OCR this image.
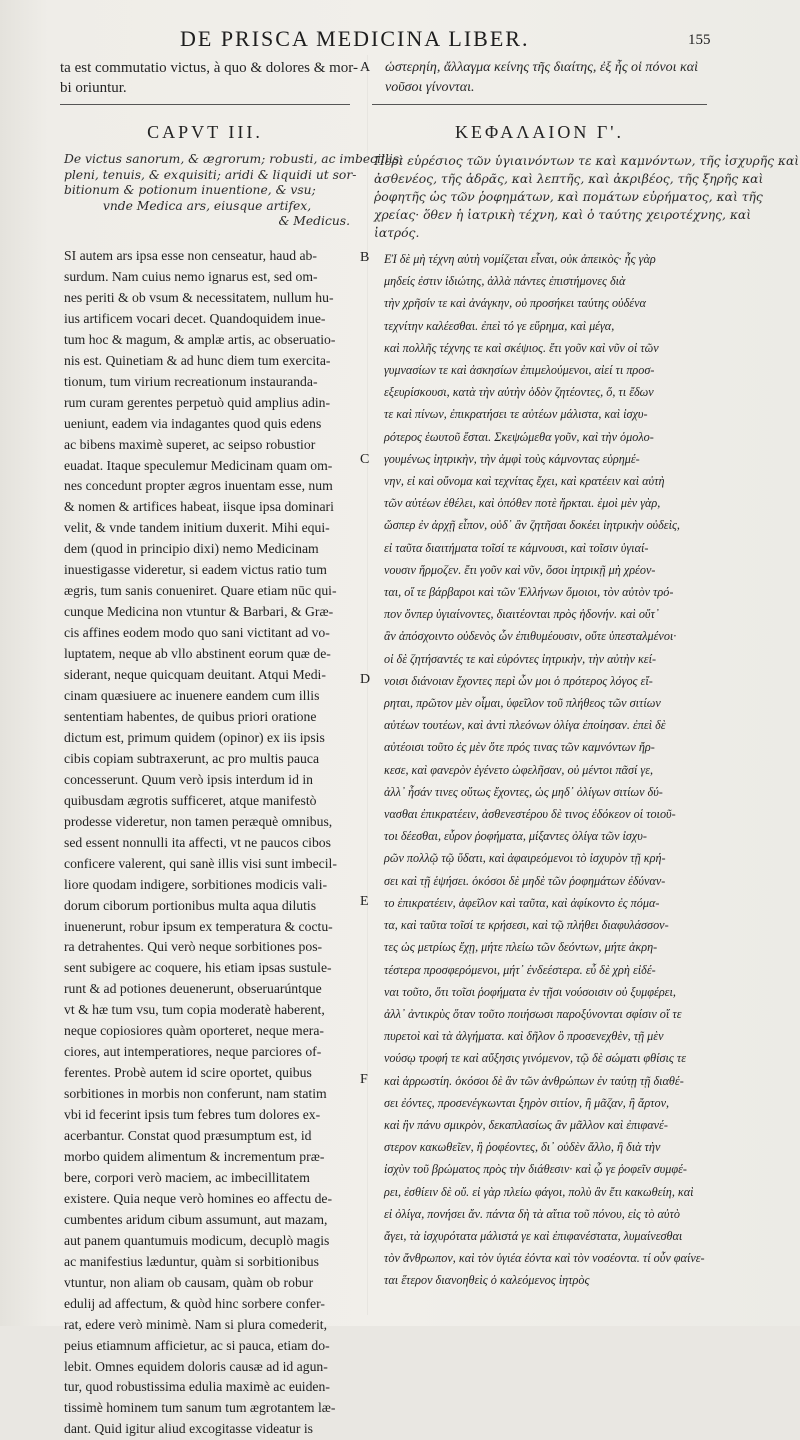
DE PRISCA MEDICINA LIBER.	155
ta est commutatio victus, à quo & dolores & mor-
bi oriuntur.
ὡστερηίη, ἄλλαγμα κείνης τῆς διαίτης, ἐξ ἧς οἱ πόνοι καὶ
νοῦσοι γίνονται.
A
CAPVT III.	ΚΕΦΑΛΑΙΟΝ Γ'.
De victus sanorum, & ægrorum; robusti, ac imbecillis;
pleni, tenuis, & exquisiti; aridi & liquidi ut sor-
bitionum & potionum inuentione, & vsu;
vnde Medica ars, eiusque artifex,
& Medicus.
Περὶ εὑρέσιος τῶν ὑγιαινόντων τε καὶ καμνόντων, τῆς ἰσχυρῆς καὶ
ἀσθενέος, τῆς ἁδρᾶς, καὶ λεπτῆς, καὶ ἀκριβέος, τῆς ξηρῆς καὶ
ῥοφητῆς ὡς τῶν ῥοφημάτων, καὶ πομάτων εὑρήματος, καὶ τῆς
χρείας· ὅθεν ἡ ἰατρικὴ τέχνη, καὶ ὁ ταύτης χειροτέχνης, καὶ
ἰατρός.
SI autem ars ipsa esse non censeatur, haud ab-
surdum. Nam cuius nemo ignarus est, sed om-
nes periti & ob vsum & necessitatem, nullum hu-
ius artificem vocari decet. Quandoquidem inue-
tum hoc & magum, & amplæ artis, ac obseruatio-
nis est. Quinetiam & ad hunc diem tum exercita-
tionum, tum virium recreationum instauranda-
rum curam gerentes perpetuò quid amplius adin-
ueniunt, eadem via indagantes quod quis edens
ac bibens maximè superet, ac seipso robustior
euadat. Itaque speculemur Medicinam quam om-
nes concedunt propter ægros inuentam esse, num
& nomen & artifices habeat, iisque ipsa dominari
velit, & vnde tandem initium duxerit. Mihi equi-
dem (quod in principio dixi) nemo Medicinam
inuestigasse videretur, si eadem victus ratio tum
ægris, tum sanis conueniret. Quare etiam nūc qui-
cunque Medicina non vtuntur & Barbari, & Græ-
cis affines eodem modo quo sani victitant ad vo-
luptatem, neque ab vllo abstinent eorum quæ de-
siderant, neque quicquam deuitant. Atqui Medi-
cinam quæsiuere ac inuenere eandem cum illis
sententiam habentes, de quibus priori oratione
dictum est, primum quidem (opinor) ex iis ipsis
cibis copiam subtraxerunt, ac pro multis pauca
concesserunt. Quum verò ipsis interdum id in
quibusdam ægrotis sufficeret, atque manifestò
prodesse videretur, non tamen peræquè omnibus,
sed essent nonnulli ita affecti, vt ne paucos cibos
conficere valerent, qui sanè illis visi sunt imbecil-
liore quodam indigere, sorbitiones modicis vali-
dorum ciborum portionibus multa aqua dilutis
inuenerunt, robur ipsum ex temperatura & coctu-
ra detrahentes. Qui verò neque sorbitiones pos-
sent subigere ac coquere, his etiam ipsas sustule-
runt & ad potiones deuenerunt, obseruarúntque
vt & hæ tum vsu, tum copia moderatè haberent,
neque copiosiores quàm oporteret, neque mera-
ciores, aut intemperatiores, neque parciores of-
ferentes. Probè autem id scire oportet, quibus
sorbitiones in morbis non conferunt, nam statim
vbi id fecerint ipsis tum febres tum dolores ex-
acerbantur. Constat quod præsumptum est, id
morbo quidem alimentum & incrementum præ-
bere, corpori verò maciem, ac imbecillitatem
existere. Quia neque verò homines eo affectu de-
cumbentes aridum cibum assumunt, aut mazam,
aut panem quantumuis modicum, decuplò magis
ac manifestius læduntur, quàm si sorbitionibus
vtuntur, non aliam ob causam, quàm ob robur
edulij ad affectum, & quòd hinc sorbere confer-
rat, edere verò minimè. Nam si plura comederit,
peius etiamnum afficietur, ac si pauca, etiam do-
lebit. Omnes equidem doloris causæ ad id agun-
tur, quod robustissima edulia maximè ac euiden-
tissimè hominem tum sanum tum ægrotantem læ-
dant. Quid igitur aliud excogitasse videatur is
ΕἸ δὲ μὴ τέχνη αὐτὴ νομίζεται εἶναι, οὐκ ἀπεικὸς· ἧς γὰρ
μηδείς ἐστιν ἰδιώτης, ἀλλὰ πάντες ἐπιστήμονες διὰ
τὴν χρῆσίν τε καὶ ἀνάγκην, οὐ προσήκει ταύτης οὐδένα
τεχνίτην καλέεσθαι. ἐπεὶ τό γε εὕρημα, καὶ μέγα,
καὶ πολλῆς τέχνης τε καὶ σκέψιος. ἔτι γοῦν καὶ νῦν οἱ τῶν
γυμνασίων τε καὶ ἀσκησίων ἐπιμελούμενοι, αἰεί τι προσ-
εξευρίσκουσι, κατὰ τὴν αὐτὴν ὁδὸν ζητέοντες, ὅ, τι ἔδων
τε καὶ πίνων, ἐπικρατήσει τε αὐτέων μάλιστα, καὶ ἰσχυ-
ρότερος ἑωυτοῦ ἔσται. Σκεψώμεθα γοῦν, καὶ τὴν ὁμολο-
γουμένως ἰητρικὴν, τὴν ἀμφὶ τοὺς κάμνοντας εὑρημέ-
νην, εἰ καὶ οὔνομα καὶ τεχνίτας ἔχει, καὶ κρατέειν καὶ αὐτὴ
τῶν αὐτέων ἐθέλει, καὶ ὁπόθεν ποτὲ ἤρκται. ἐμοὶ μὲν γὰρ,
ὥσπερ ἐν ἀρχῇ εἶπον, οὐδ᾽ ἂν ζητῆσαι δοκέει ἰητρικὴν οὐδεὶς,
εἰ ταῦτα διαιτήματα τοῖσί τε κάμνουσι, καὶ τοῖσιν ὑγιαί-
νουσιν ἥρμοζεν. ἔτι γοῦν καὶ νῦν, ὅσοι ἰητρικῇ μὴ χρέον-
ται, οἵ τε βάρβαροι καὶ τῶν Ἑλλήνων ὅμοιοι, τὸν αὐτὸν τρό-
πον ὅνπερ ὑγιαίνοντες, διαιτέονται πρὸς ἡδονήν. καὶ οὔτ᾽
ἂν ἀπόσχοιντο οὐδενὸς ὧν ἐπιθυμέουσιν, οὔτε ὑπεσταλμένοι·
οἱ δὲ ζητήσαντές τε καὶ εὑρόντες ἰητρικὴν, τὴν αὐτὴν κεί-
νοισι διάνοιαν ἔχοντες περὶ ὧν μοι ὁ πρότερος λόγος εἴ-
ρηται, πρῶτον μὲν οἶμαι, ὑφεῖλον τοῦ πλήθεος τῶν σιτίων
αὐτέων τουτέων, καὶ ἀντὶ πλεόνων ὀλίγα ἐποίησαν. ἐπεὶ δὲ
αὐτέοισι τοῦτο ἐς μὲν ὅτε πρός τινας τῶν καμνόντων ἤρ-
κεσε, καὶ φανερὸν ἐγένετο ὠφελῆσαν, οὐ μέντοι πᾶσί γε,
ἀλλ᾽ ἦσάν τινες οὕτως ἔχοντες, ὡς μηδ᾽ ὀλίγων σιτίων δύ-
νασθαι ἐπικρατέειν, ἀσθενεστέρου δὲ τινος ἐδόκεον οἱ τοιοῦ-
τοι δέεσθαι, εὗρον ῥοφήματα, μίξαντες ὀλίγα τῶν ἰσχυ-
ρῶν πολλῷ τῷ ὕδατι, καὶ ἀφαιρεόμενοι τὸ ἰσχυρὸν τῇ κρή-
σει καὶ τῇ ἑψήσει. ὁκόσοι δὲ μηδὲ τῶν ῥοφημάτων ἐδύναν-
το ἐπικρατέειν, ἀφεῖλον καὶ ταῦτα, καὶ ἀφίκοντο ἐς πόμα-
τα, καὶ ταῦτα τοῖσί τε κρήσεσι, καὶ τῷ πλήθει διαφυλάσσον-
τες ὡς μετρίως ἔχῃ, μήτε πλείω τῶν δεόντων, μήτε ἀκρη-
τέστερα προσφερόμενοι, μήτ᾽ ἐνδεέστερα. εὖ δὲ χρὴ εἰδέ-
ναι τοῦτο, ὅτι τοῖσι ῥοφήματα ἐν τῇσι νούσοισιν οὐ ξυμφέρει,
ἀλλ᾽ ἀντικρὺς ὅταν τοῦτο ποιήσωσι παροξύνονται σφίσιν οἵ τε
πυρετοὶ καὶ τὰ ἀλγήματα. καὶ δῆλον ὃ προσενεχθὲν, τῇ μὲν
νούσῳ τροφή τε καὶ αὔξησις γινόμενον, τῷ δὲ σώματι φθίσις τε
καὶ ἀρρωστίη. ὁκόσοι δὲ ἂν τῶν ἀνθρώπων ἐν ταύτῃ τῇ διαθέ-
σει ἐόντες, προσενέγκωνται ξηρὸν σιτίον, ἢ μᾶζαν, ἢ ἄρτον,
καὶ ἢν πάνυ σμικρὸν, δεκαπλασίως ἂν μᾶλλον καὶ ἐπιφανέ-
στερον κακωθεῖεν, ἢ ῥοφέοντες, δι᾽ οὐδὲν ἄλλο, ἢ διὰ τὴν
ἰσχὺν τοῦ βρώματος πρὸς τὴν διάθεσιν· καὶ ᾧ γε ῥοφεῖν συμφέ-
ρει, ἐσθίειν δὲ οὔ. εἰ γὰρ πλείω φάγοι, πολὺ ἂν ἔτι κακωθείη, καὶ
εἰ ὀλίγα, πονήσει ἄν. πάντα δὴ τὰ αἴτια τοῦ πόνου, εἰς τὸ αὐτὸ
ἄγει, τὰ ἰσχυρότατα μάλιστά γε καὶ ἐπιφανέστατα, λυμαίνεσθαι
τὸν ἄνθρωπον, καὶ τὸν ὑγιέα ἐόντα καὶ τὸν νοσέοντα. τί οὖν φαίνε-
ται ἕτερον διανοηθεὶς ὁ καλεόμενος ἰητρὸς
B
C
D
E
F
